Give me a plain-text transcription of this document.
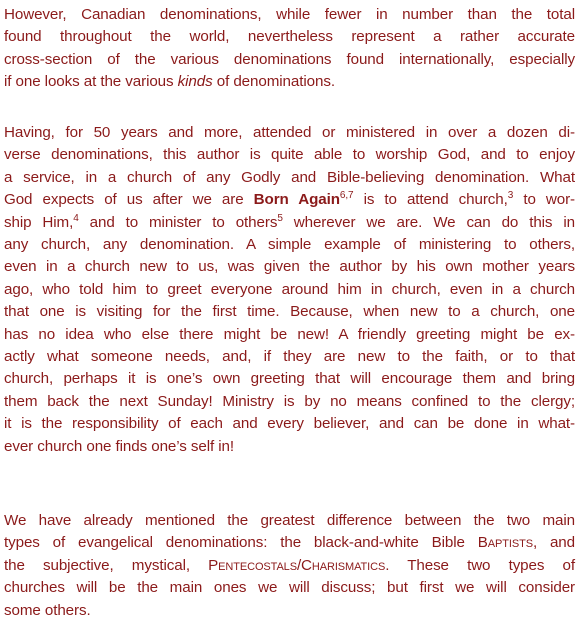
However, Canadian denominations, while fewer in number than the total
found throughout the world, nevertheless represent a rather accurate
cross-section of the various denominations found internationally, especially
if one looks at the various kinds of denominations.
Having, for 50 years and more, attended or ministered in over a dozen di-
verse denominations, this author is quite able to worship God, and to enjoy
a service, in a church of any Godly and Bible-believing denomination. What
God expects of us after we are Born Again$^{6,7}$ is to attend church,$^3$ to wor-
ship Him,$^4$ and to minister to others$^5$ wherever we are. We can do this in
any church, any denomination. A simple example of ministering to others,
even in a church new to us, was given the author by his own mother years
ago, who told him to greet everyone around him in church, even in a church
that one is visiting for the first time. Because, when new to a church, one
has no idea who else there might be new! A friendly greeting might be ex-
actly what someone needs, and, if they are new to the faith, or to that
church, perhaps it is one’s own greeting that will encourage them and bring
them back the next Sunday! Ministry is by no means confined to the clergy;
it is the responsibility of each and every believer, and can be done in what-
ever church one finds one’s self in!
We have already mentioned the greatest difference between the two main
types of evangelical denominations: the black-and-white Bible Baptists, and
the subjective, mystical, Pentecostals/Charismatics. These two types of
churches will be the main ones we will discuss; but first we will consider
some others.
